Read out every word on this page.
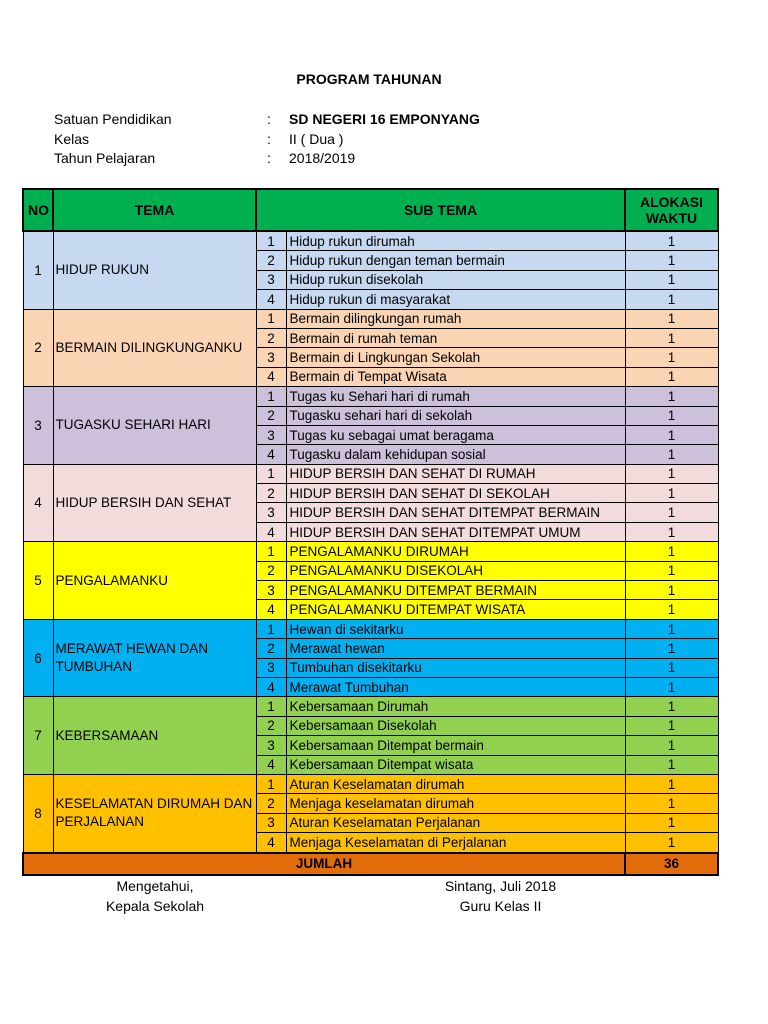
PROGRAM TAHUNAN
Satuan Pendidikan	: SD NEGERI 16 EMPONYANG
Kelas	: II ( Dua )
Tahun Pelajaran	: 2018/2019
NO	TEMA	SUB TEMA		ALOKASI WAKTU
1	HIDUP RUKUN	1	Hidup rukun dirumah	1
		2	Hidup rukun dengan teman bermain	1
		3	Hidup rukun disekolah	1
		4	Hidup rukun di masyarakat	1
2	BERMAIN DILINGKUNGANKU	1	Bermain dilingkungan rumah	1
		2	Bermain di rumah teman	1
		3	Bermain di Lingkungan Sekolah	1
		4	Bermain di Tempat Wisata	1
3	TUGASKU SEHARI HARI	1	Tugas ku Sehari hari di rumah	1
		2	Tugasku sehari hari di sekolah	1
		3	Tugas ku sebagai umat beragama	1
		4	Tugasku dalam kehidupan sosial	1
4	HIDUP BERSIH DAN SEHAT	1	HIDUP BERSIH DAN SEHAT DI RUMAH	1
		2	HIDUP BERSIH DAN SEHAT DI SEKOLAH	1
		3	HIDUP BERSIH DAN SEHAT DITEMPAT BERMAIN	1
		4	HIDUP BERSIH DAN SEHAT DITEMPAT UMUM	1
5	PENGALAMANKU	1	PENGALAMANKU DIRUMAH	1
		2	PENGALAMANKU DISEKOLAH	1
		3	PENGALAMANKU DITEMPAT BERMAIN	1
		4	PENGALAMANKU DITEMPAT WISATA	1
6	MERAWAT HEWAN DAN TUMBUHAN	1	Hewan di sekitarku	1
		2	Merawat hewan	1
		3	Tumbuhan disekitarku	1
		4	Merawat Tumbuhan	1
7	KEBERSAMAAN	1	Kebersamaan Dirumah	1
		2	Kebersamaan Disekolah	1
		3	Kebersamaan Ditempat bermain	1
		4	Kebersamaan Ditempat wisata	1
8	KESELAMATAN DIRUMAH DAN PERJALANAN	1	Aturan Keselamatan dirumah	1
		2	Menjaga keselamatan dirumah	1
		3	Aturan Keselamatan Perjalanan	1
		4	Menjaga Keselamatan di Perjalanan	1
JUMLAH				36
Mengetahui,
Kepala Sekolah
Sintang, Juli 2018
Guru Kelas II
